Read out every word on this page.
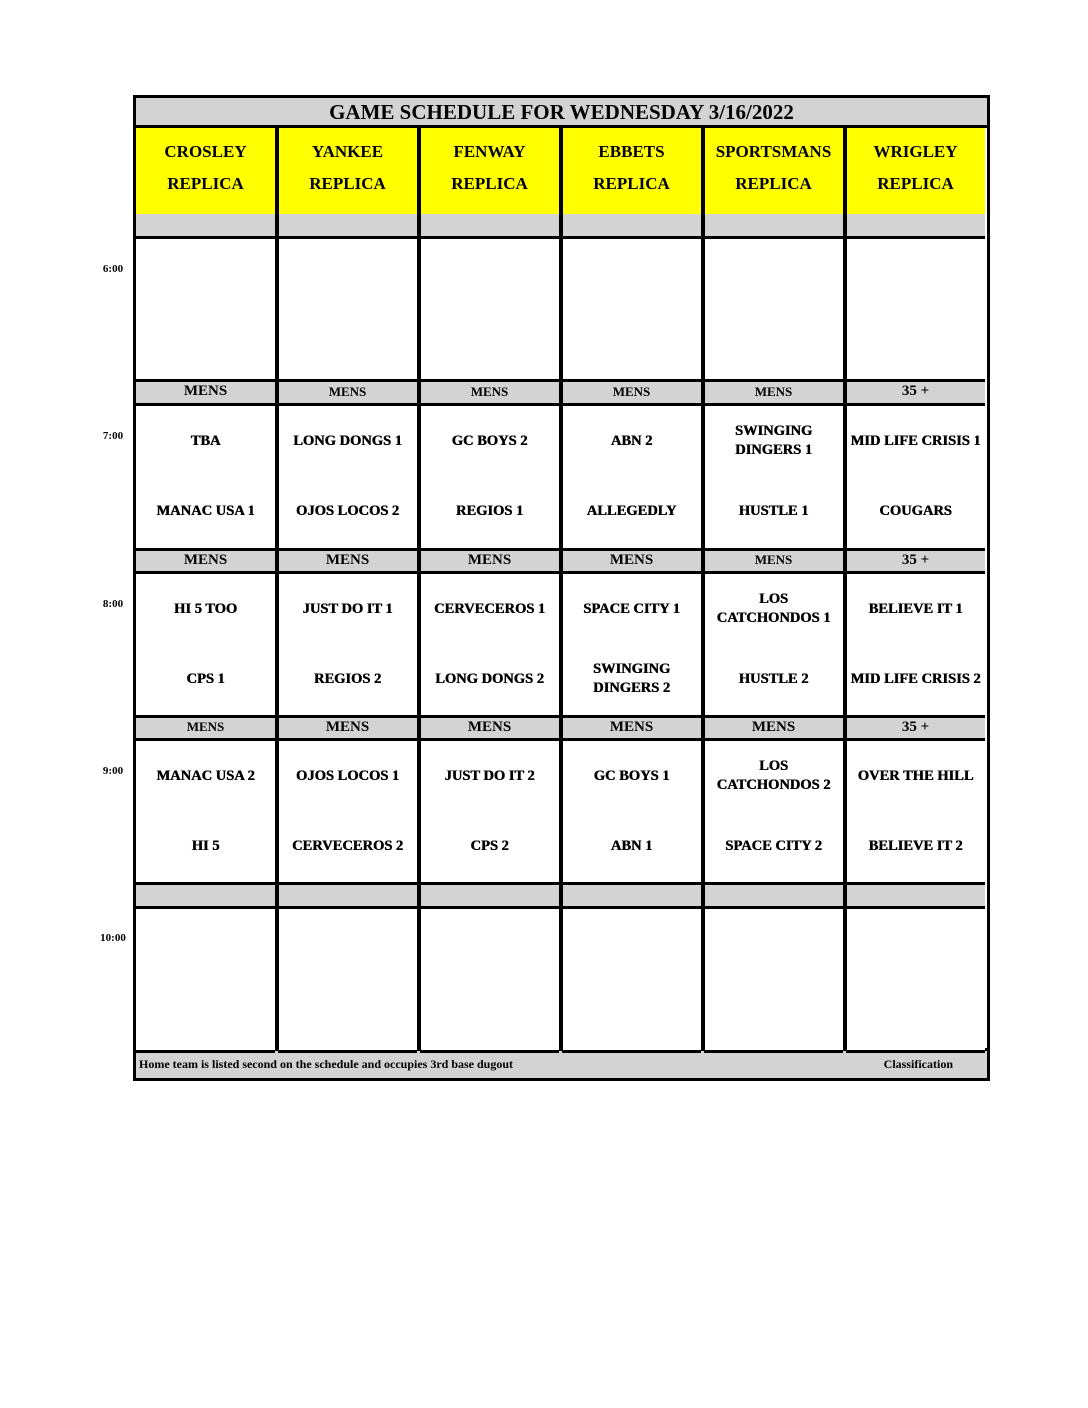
GAME SCHEDULE FOR WEDNESDAY 3/16/2022
Home team is listed second on the schedule and occupies 3rd base dugout	Classification
CROSLEY
REPLICA
MENS
TBA
MANAC USA 1
MENS
HI 5 TOO
CPS 1
MENS
MANAC USA 2
HI 5
YANKEE
REPLICA
MENS
LONG DONGS 1
OJOS LOCOS 2
MENS
JUST DO IT 1
REGIOS 2
MENS
OJOS LOCOS 1
CERVECEROS 2
FENWAY
REPLICA
MENS
GC BOYS 2
REGIOS 1
MENS
CERVECEROS 1
LONG DONGS 2
MENS
JUST DO IT 2
CPS 2
EBBETS
REPLICA
MENS
ABN 2
ALLEGEDLY
MENS
SPACE CITY 1
SWINGING DINGERS 2
MENS
GC BOYS 1
ABN 1
SPORTSMANS
REPLICA
MENS
SWINGING DINGERS 1
HUSTLE 1
MENS
LOS CATCHONDOS 1
HUSTLE 2
MENS
LOS CATCHONDOS 2
SPACE CITY 2
WRIGLEY
REPLICA
35 +
MID LIFE CRISIS 1
COUGARS
35 +
BELIEVE IT 1
MID LIFE CRISIS 2
35 +
OVER THE HILL
BELIEVE IT 2
6:00
7:00
8:00
9:00
10:00
